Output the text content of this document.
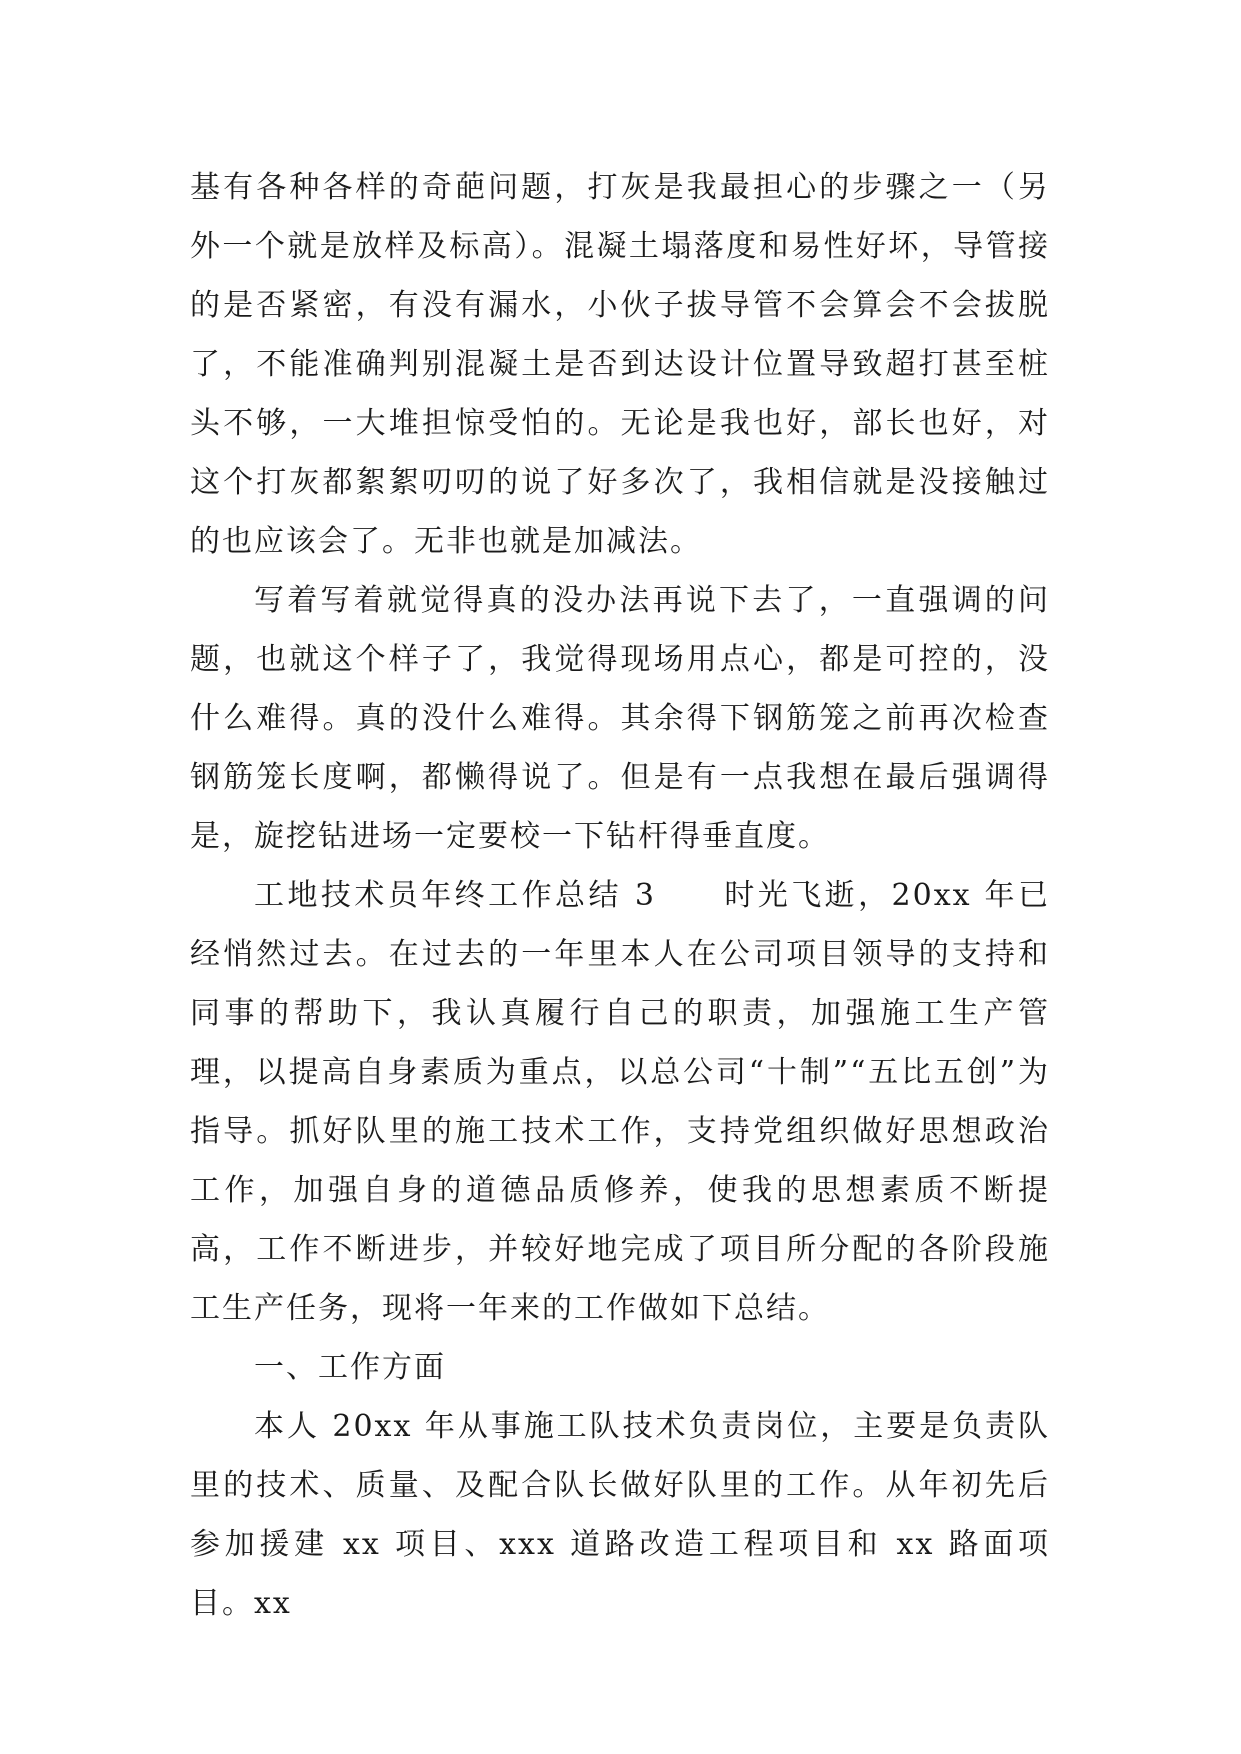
基有各种各样的奇葩问题，打灰是我最担心的步骤之一（另外一个就是放样及标高）。混凝土塌落度和易性好坏，导管接的是否紧密，有没有漏水，小伙子拔导管不会算会不会拔脱了，不能准确判别混凝土是否到达设计位置导致超打甚至桩头不够，一大堆担惊受怕的。无论是我也好，部长也好，对这个打灰都絮絮叨叨的说了好多次了，我相信就是没接触过的也应该会了。无非也就是加减法。

写着写着就觉得真的没办法再说下去了，一直强调的问题，也就这个样子了，我觉得现场用点心，都是可控的，没什么难得。真的没什么难得。其余得下钢筋笼之前再次检查钢筋笼长度啊，都懒得说了。但是有一点我想在最后强调得是，旋挖钻进场一定要校一下钻杆得垂直度。

工地技术员年终工作总结 3　　时光飞逝，20xx 年已经悄然过去。在过去的一年里本人在公司项目领导的支持和同事的帮助下，我认真履行自己的职责，加强施工生产管理，以提高自身素质为重点，以总公司“十制”“五比五创”为指导。抓好队里的施工技术工作，支持党组织做好思想政治工作，加强自身的道德品质修养，使我的思想素质不断提高，工作不断进步，并较好地完成了项目所分配的各阶段施工生产任务，现将一年来的工作做如下总结。

一、工作方面

本人 20xx 年从事施工队技术负责岗位，主要是负责队里的技术、质量、及配合队长做好队里的工作。从年初先后参加援建 xx 项目、xxx 道路改造工程项目和 xx 路面项目。xx
